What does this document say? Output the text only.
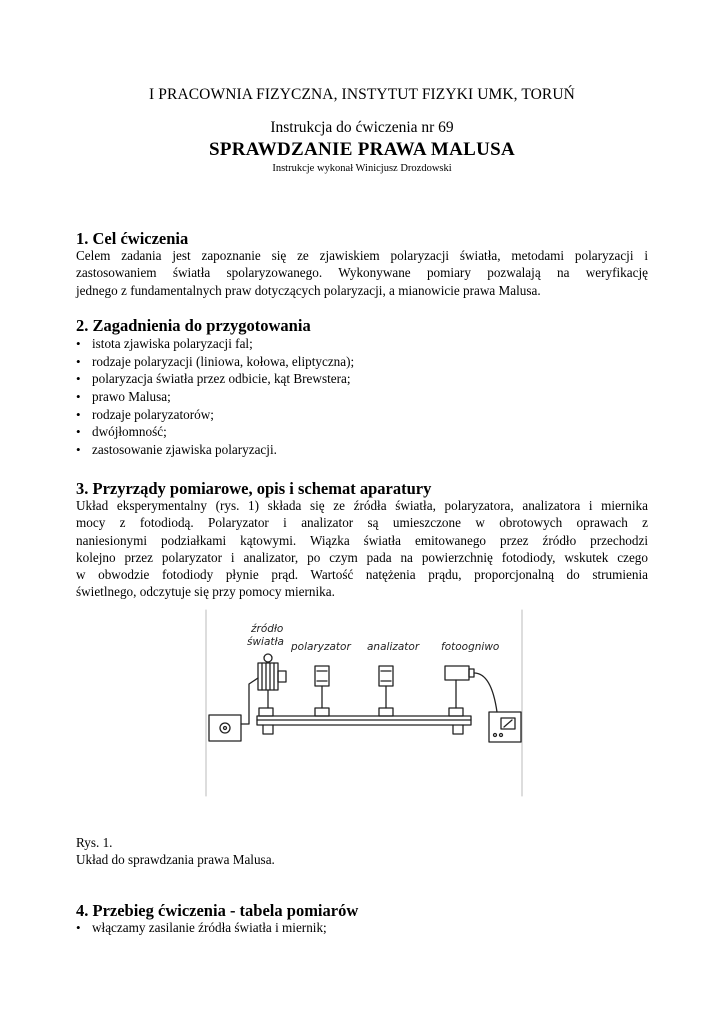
I PRACOWNIA FIZYCZNA, INSTYTUT FIZYKI UMK, TORUŃ
Instrukcja do ćwiczenia nr 69
SPRAWDZANIE PRAWA MALUSA
Instrukcje wykonał Winicjusz Drozdowski
1. Cel ćwiczenia
Celem zadania jest zapoznanie się ze zjawiskiem polaryzacji światła, metodami polaryzacji i
zastosowaniem światła spolaryzowanego. Wykonywane pomiary pozwalają na weryfikację
jednego z fundamentalnych praw dotyczących polaryzacji, a mianowicie prawa Malusa.
2. Zagadnienia do przygotowania
• istota zjawiska polaryzacji fal;
• rodzaje polaryzacji (liniowa, kołowa, eliptyczna);
• polaryzacja światła przez odbicie, kąt Brewstera;
• prawo Malusa;
• rodzaje polaryzatorów;
• dwójłomność;
• zastosowanie zjawiska polaryzacji.
3. Przyrządy pomiarowe, opis i schemat aparatury
Układ eksperymentalny (rys. 1) składa się ze źródła światła, polaryzatora, analizatora i miernika
mocy z fotodiodą. Polaryzator i analizator są umieszczone w obrotowych oprawach z
naniesionymi podziałkami kątowymi. Wiązka światła emitowanego przez źródło przechodzi
kolejno przez polaryzator i analizator, po czym pada na powierzchnię fotodiody, wskutek czego
w obwodzie fotodiody płynie prąd. Wartość natężenia prądu, proporcjonalną do strumienia
świetlnego, odczytuje się przy pomocy miernika.
źródło
światła polaryzator analizator fotoogniwo
Rys. 1.
Układ do sprawdzania prawa Malusa.
4. Przebieg ćwiczenia - tabela pomiarów
• włączamy zasilanie źródła światła i miernik;
